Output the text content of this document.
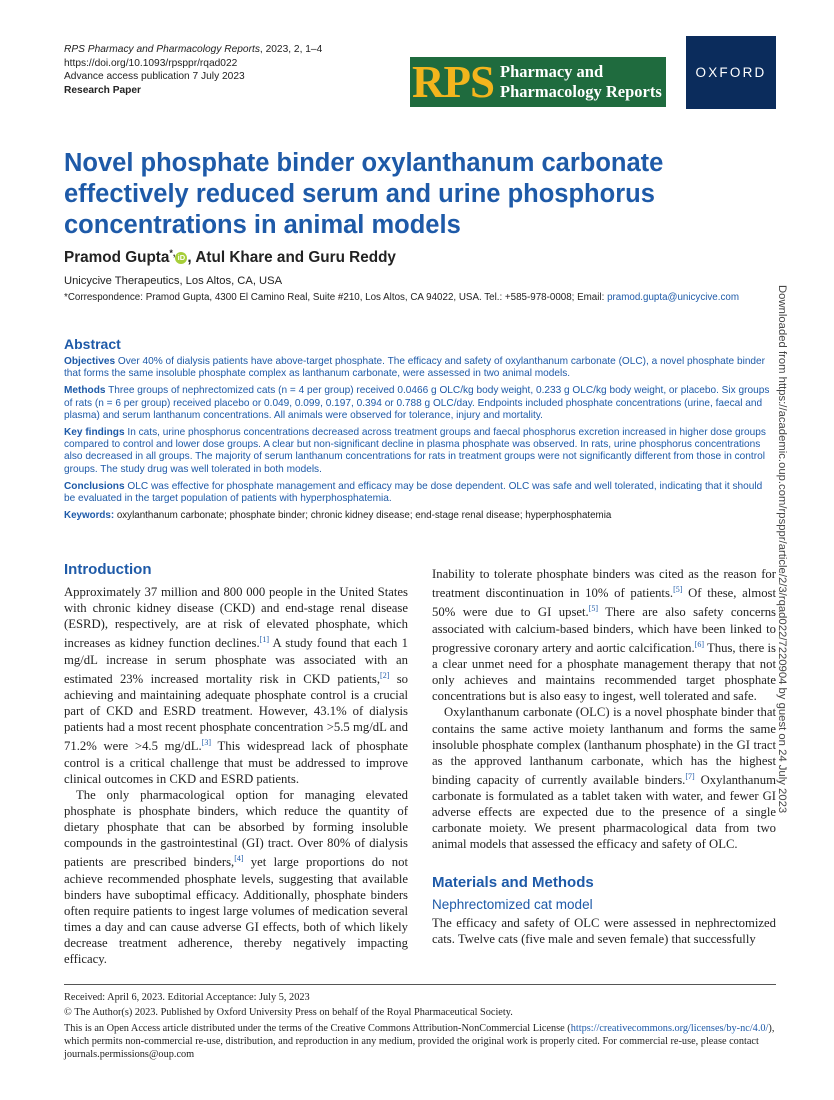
RPS Pharmacy and Pharmacology Reports, 2023, 2, 1–4
https://doi.org/10.1093/rpsppr/rqad022
Advance access publication 7 July 2023
Research Paper	RPS Pharmacy and
Pharmacology Reports
OXFORD
Downloaded from https://academic.oup.com/rpsppr/article/2/3/rqad022/7220904 by guest on 24 July 2023
Novel phosphate binder oxylanthanum carbonate effectively reduced serum and urine phosphorus concentrations in animal models
Pramod Gupta*, iD , Atul Khare and Guru Reddy
Unicycive Therapeutics, Los Altos, CA, USA
*Correspondence: Pramod Gupta, 4300 El Camino Real, Suite #210, Los Altos, CA 94022, USA. Tel.: +585-978-0008; Email: pramod.gupta@unicycive.com
Abstract

Objectives Over 40% of dialysis patients have above-target phosphate. The efficacy and safety of oxylanthanum carbonate (OLC), a novel phosphate binder that forms the same insoluble phosphate complex as lanthanum carbonate, were assessed in two animal models.

Methods Three groups of nephrectomized cats (n = 4 per group) received 0.0466 g OLC/kg body weight, 0.233 g OLC/kg body weight, or placebo. Six groups of rats (n = 6 per group) received placebo or 0.049, 0.099, 0.197, 0.394 or 0.788 g OLC/day. Endpoints included phosphate concentrations (urine, faecal and plasma) and serum lanthanum concentrations. All animals were observed for tolerance, injury and mortality.

Key findings In cats, urine phosphorus concentrations decreased across treatment groups and faecal phosphorus excretion increased in higher dose groups compared to control and lower dose groups. A clear but non-significant decline in plasma phosphate was observed. In rats, urine phosphorus concentrations also decreased in all groups. The majority of serum lanthanum concentrations for rats in treatment groups were not significantly different from those in control groups. The study drug was well tolerated in both models.

Conclusions OLC was effective for phosphate management and efficacy may be dose dependent. OLC was safe and well tolerated, indicating that it should be evaluated in the target population of patients with hyperphosphatemia.

Keywords: oxylanthanum carbonate; phosphate binder; chronic kidney disease; end-stage renal disease; hyperphosphatemia

Introduction

Approximately 37 million and 800 000 people in the United States with chronic kidney disease (CKD) and end-stage renal disease (ESRD), respectively, are at risk of elevated phosphate, which increases as kidney function declines.[1] A study found that each 1 mg/dL increase in serum phosphate was associated with an estimated 23% increased mortality risk in CKD patients,[2] so achieving and maintaining adequate phosphate control is a crucial part of CKD and ESRD treatment. However, 43.1% of dialysis patients had a most recent phosphate concentration >5.5 mg/dL and 71.2% were >4.5 mg/dL.[3] This widespread lack of phosphate control is a critical challenge that must be addressed to improve clinical outcomes in CKD and ESRD patients.

The only pharmacological option for managing elevated phosphate is phosphate binders, which reduce the quantity of dietary phosphate that can be absorbed by forming insoluble compounds in the gastrointestinal (GI) tract. Over 80% of dialysis patients are prescribed binders,[4] yet large proportions do not achieve recommended phosphate levels, suggesting that available binders have suboptimal efficacy. Additionally, phosphate binders often require patients to ingest large volumes of medication several times a day and can cause adverse GI effects, both of which likely decrease treatment adherence, thereby negatively impacting efficacy.

Inability to tolerate phosphate binders was cited as the reason for treatment discontinuation in 10% of patients.[5] Of these, almost 50% were due to GI upset.[5] There are also safety concerns associated with calcium-based binders, which have been linked to progressive coronary artery and aortic calcification.[6] Thus, there is a clear unmet need for a phosphate management therapy that not only achieves and maintains recommended target phosphate concentrations but is also easy to ingest, well tolerated and safe.

Oxylanthanum carbonate (OLC) is a novel phosphate binder that contains the same active moiety lanthanum and forms the same insoluble phosphate complex (lanthanum phosphate) in the GI tract as the approved lanthanum carbonate, which has the highest binding capacity of currently available binders.[7] Oxylanthanum carbonate is formulated as a tablet taken with water, and fewer GI adverse effects are expected due to the presence of a single carbonate moiety. We present pharmacological data from two animal models that assessed the efficacy and safety of OLC.

Materials and Methods
Nephrectomized cat model

The efficacy and safety of OLC were assessed in nephrectomized cats. Twelve cats (five male and seven female) that successfully

Received: April 6, 2023. Editorial Acceptance: July 5, 2023

© The Author(s) 2023. Published by Oxford University Press on behalf of the Royal Pharmaceutical Society.

This is an Open Access article distributed under the terms of the Creative Commons Attribution-NonCommercial License (https://creativecommons.org/licenses/by-nc/4.0/), which permits non-commercial re-use, distribution, and reproduction in any medium, provided the original work is properly cited. For commercial re-use, please contact journals.permissions@oup.com
